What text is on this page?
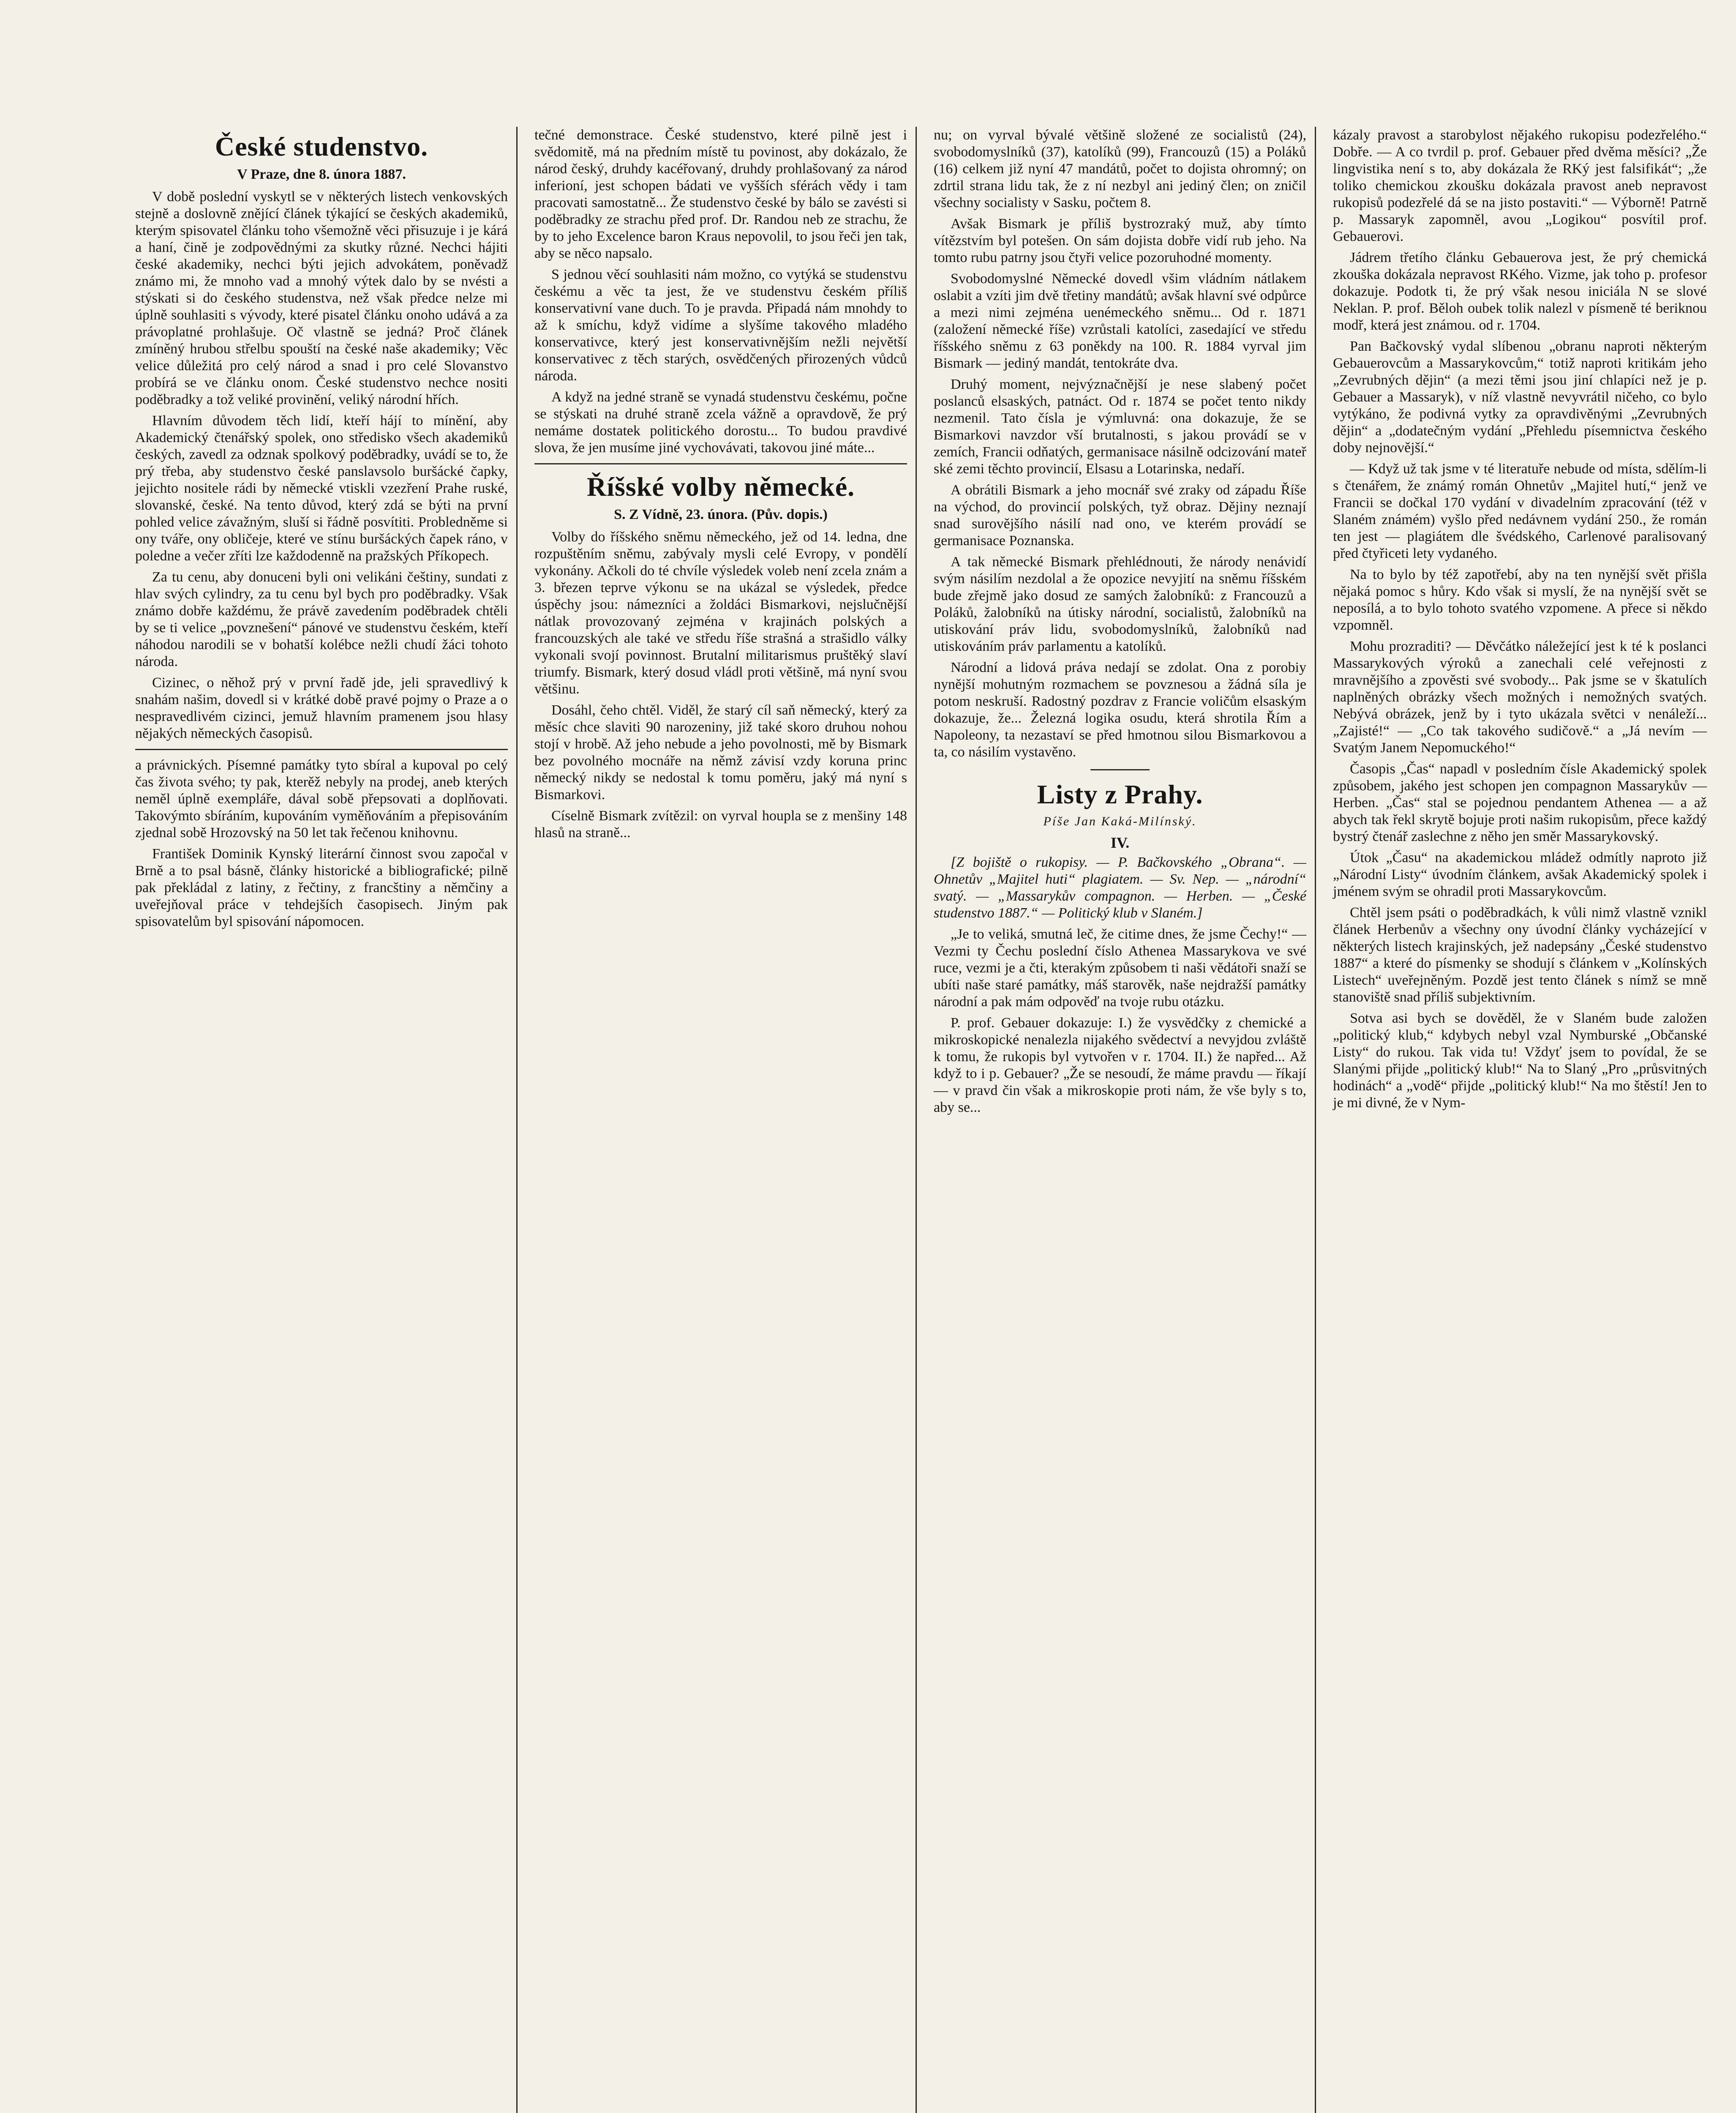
České studenstvo.
V Praze, dne 8. února 1887.

V době poslední vyskytl se v některých listech venkovských stejně a doslovně znějící článek týkající se českých akademiků, kterým spisovatel článku toho všemožně věci přisuzuje i je kárá a haní, čině je zodpovědnými za skutky různé. Nechci hájiti české akademiky, nechci býti jejich advokátem, poněvadž známo mi, že mnoho vad a mnohý výtek dalo by se nvésti a stýskati si do českého studenstva, než však předce nelze mi úplně souhlasiti s vývody, které pisatel článku onoho udává a za právoplatné prohlašuje. Oč vlastně se jedná? Proč článek zmíněný hrubou střelbu spouští na české naše akademiky; Věc velice důležitá pro celý národ a snad i pro celé Slovanstvo probírá se ve článku onom. České studenstvo nechce nositi poděbradky a tož veliké provinění, veliký národní hřích.

Hlavním důvodem těch lidí, kteří hájí to mínění, aby Akademický čtenářský spolek, ono středisko všech akademiků českých, zavedl za odznak spolkový poděbradky, uvádí se to, že prý třeba, aby studenstvo české panslavsolo buršácké čapky, jejichto nositele rádi by německé vtiskli vzezření Prahe ruské, slovanské, české. Na tento důvod, který zdá se býti na první pohled velice závažným, sluší si řádně posvítiti. Probledněme si ony tváře, ony obličeje, které ve stínu buršáckých čapek ráno, v poledne a večer zříti lze každodenně na pražských Příkopech.

Za tu cenu, aby donuceni byli oni velikáni češtiny, sundati z hlav svých cylindry, za tu cenu byl bych pro poděbradky. Však známo dobře každému, že právě zavedením poděbradek chtěli by se ti velice „povznešení“ pánové ve studenstvu českém, kteří náhodou narodili se v bohatší kolébce nežli chudí žáci tohoto národa.

Cizinec, o něhož prý v první řadě jde, jeli spravedlivý k snahám našim, dovedl si v krátké době pravé pojmy o Praze a o nespravedlivém cizinci, jemuž hlavním pramenem jsou hlasy nějakých německých časopisů.

a právnických. Písemné památky tyto sbíral a kupoval po celý čas života svého; ty pak, kterěž nebyly na prodej, aneb kterých neměl úplně exempláře, dával sobě přepsovati a doplňovati. Takovýmto sbíráním, kupováním vyměňováním a přepisováním zjednal sobě Hrozovský na 50 let tak řečenou knihovnu.

František Dominik Kynský literární činnost svou započal v Brně a to psal básně, články historické a bibliografické; pilně pak překládal z latiny, z řečtiny, z francštiny a němčiny a uveřejňoval práce v tehdejších časopisech. Jiným pak spisovatelům byl spisování nápomocen.

tečné demonstrace. České studenstvo, které pilně jest i svědomitě, má na předním místě tu povinost, aby dokázalo, že národ český, druhdy kacéřovaný, druhdy prohlašovaný za národ inferioní, jest schopen bádati ve vyšších sférách vědy i tam pracovati samostatně... Že studenstvo české by bálo se zavésti si poděbradky ze strachu před prof. Dr. Randou neb ze strachu, že by to jeho Excelence baron Kraus nepovolil, to jsou řeči jen tak, aby se něco napsalo.

S jednou věcí souhlasiti nám možno, co vytýká se studenstvu českému a věc ta jest, že ve studenstvu českém příliš konservativní vane duch. To je pravda. Připadá nám mnohdy to až k smíchu, když vidíme a slyšíme takového mladého konservativce, který jest konservativnějším nežli největší konservativec z těch starých, osvědčených přirozených vůdců národa.

A když na jedné straně se vynadá studenstvu českému, počne se stýskati na druhé straně zcela vážně a opravdově, že prý nemáme dostatek politického dorostu... To budou pravdivé slova, že jen musíme jiné vychovávati, takovou jiné máte...

Říšské volby německé.
S. Z Vídně, 23. února. (Pův. dopis.)

Volby do říšského sněmu německého, jež od 14. ledna, dne rozpuštěním sněmu, zabývaly mysli celé Evropy, v pondělí vykonány. Ačkoli do té chvíle výsledek voleb není zcela znám a 3. březen teprve výkonu se na ukázal se výsledek, předce úspěchy jsou: námezníci a žoldáci Bismarkovi, nejslučnější nátlak provozovaný zejména v krajinách polských a francouzských ale také ve středu říše strašná a strašidlo války vykonali svojí povinnost. Brutalní militarismus pruštěký slaví triumfy. Bismark, který dosud vládl proti většině, má nyní svou většinu.

Dosáhl, čeho chtěl. Viděl, že starý cíl saň německý, který za měsíc chce slaviti 90 narozeniny, již také skoro druhou nohou stojí v hrobě. Až jeho nebude a jeho povolnosti, mě by Bismark bez povolného mocnáře na němž závisí vzdy koruna princ německý nikdy se nedostal k tomu poměru, jaký má nyní s Bismarkovi.

Císelně Bismark zvítězil: on vyrval houpla se z menšiny 148 hlasů na straně...

nu; on vyrval bývalé většině složené ze socialistů (24), svobodomyslníků (37), katolíků (99), Francouzů (15) a Poláků (16) celkem již nyní 47 mandátů, počet to dojista ohromný; on zdrtil strana lidu tak, že z ní nezbyl ani jediný člen; on zničil všechny socialisty v Sasku, počtem 8.

Avšak Bismark je příliš bystrozraký muž, aby tímto vítězstvím byl potešen. On sám dojista dobře vidí rub jeho. Na tomto rubu patrny jsou čtyři velice pozoruhodné momenty.

Svobodomyslné Německé dovedl všim vládním nátlakem oslabit a vzíti jim dvě třetiny mandátů; avšak hlavní své odpůrce a mezi nimi zejména uenémeckého sněmu... Od r. 1871 (založení německé říše) vzrůstali katolíci, zasedající ve středu říšského sněmu z 63 poněkdy na 100. R. 1884 vyrval jim Bismark — jediný mandát, tentokráte dva.

Druhý moment, nejvýznačnější je nese slabený počet poslanců elsaských, patnáct. Od r. 1874 se počet tento nikdy nezmenil. Tato čísla je výmluvná: ona dokazuje, že se Bismarkovi navzdor vší brutalnosti, s jakou provádí se v zemích, Francii odňatých, germanisace násilně odcizování mateř ské zemi těchto provincií, Elsasu a Lotarinska, nedaří.

A obrátili Bismark a jeho mocnář své zraky od západu Říše na východ, do provincií polských, tyž obraz. Dějiny neznají snad surovějšího násilí nad ono, ve kterém provádí se germanisace Poznanska.

A tak německé Bismark přehlédnouti, že národy nenávidí svým násilím nezdolal a že opozice nevyjití na sněmu říšském bude zřejmě jako dosud ze samých žalobníků: z Francouzů a Poláků, žalobníků na útisky národní, socialistů, žalobníků na utiskování práv lidu, svobodomyslníků, žalobníků nad utiskováním práv parlamentu a katolíků.

Národní a lidová práva nedají se zdolat. Ona z porobiy nynější mohutným rozmachem se povznesou a žádná síla je potom neskruší. Radostný pozdrav z Francie voličům elsaským dokazuje, že... Železná logika osudu, která shrotila Řím a Napoleony, ta nezastaví se před hmotnou silou Bismarkovou a ta, co násilím vystavěno.

Listy z Prahy.
Píše Jan Kaká-Milínský.
IV.

[Z bojiště o rukopisy. — P. Bačkovského „Obrana“. — Ohnetův „Majitel huti“ plagiatem. — Sv. Nep. — „národní“ svatý. — „Massarykův compagnon. — Herben. — „České studenstvo 1887.“ — Politický klub v Slaném.]

„Je to veliká, smutná leč, že citime dnes, že jsme Čechy!“ — Vezmi ty Čechu poslední číslo Athenea Massarykova ve své ruce, vezmi je a čti, kterakým způsobem ti naši vědátoři snaží se ubíti naše staré památky, máš starověk, naše nejdražší památky národní a pak mám odpověď na tvoje rubu otázku.

P. prof. Gebauer dokazuje: I.) že vysvědčky z chemické a mikroskopické nenalezla nijakého svědectví a nevyjdou zvláště k tomu, že rukopis byl vytvořen v r. 1704. II.) že napřed... Až když to i p. Gebauer? „Že se nesoudí, že máme pravdu — říkají — v pravd čin však a mikroskopie proti nám, že vše byly s to, aby se...

kázaly pravost a starobylost nějakého rukopisu podezřelého.“ Dobře. — A co tvrdil p. prof. Gebauer před dvěma měsíci? „Že lingvistika není s to, aby dokázala že RKý jest falsifikát“; „že toliko chemickou zkoušku dokázala pravost aneb nepravost rukopisů podezřelé dá se na jisto postaviti.“ — Výborně! Patrně p. Massaryk zapomněl, avou „Logikou“ posvítil prof. Gebauerovi.

Jádrem třetího článku Gebauerova jest, že prý chemická zkouška dokázala nepravost RKého. Vizme, jak toho p. profesor dokazuje. Podotk ti, že prý však nesou iniciála N se slové Neklan. P. prof. Běloh oubek tolik nalezl v písmeně té beriknou modř, která jest známou. od r. 1704.

Pan Bačkovský vydal slíbenou „obranu naproti některým Gebauerovcům a Massarykovcům,“ totiž naproti kritikám jeho „Zevrubných dějin“ (a mezi těmi jsou jiní chlapíci než je p. Gebauer a Massaryk), v níž vlastně nevyvrátil ničeho, co bylo vytýkáno, že podivná vytky za opravdivěnými „Zevrubných dějin“ a „dodatečným vydání „Přehledu písemnictva českého doby nejnovější.“

— Když už tak jsme v té literatuře nebude od místa, sdělím-li s čtenářem, že známý román Ohnetův „Majitel hutí,“ jenž ve Francii se dočkal 170 vydání v divadelním zpracování (též v Slaném známém) vyšlo před nedávnem vydání 250., že román ten jest — plagiátem dle švédského, Carlenové paralisovaný před čtyřiceti lety vydaného.

Na to bylo by též zapotřebí, aby na ten nynější svět přišla nějaká pomoc s hůry. Kdo však si myslí, že na nynější svět se neposílá, a to bylo tohoto svatého vzpomene. A přece si někdo vzpomněl.

Mohu prozraditi? — Děvčátko náležející jest k té k poslanci Massarykových výroků a zanechali celé veřejnosti z mravnějšího a zpověsti své svobody... Pak jsme se v škatulích naplněných obrázky všech možných i nemožných svatých. Nebývá obrázek, jenž by i tyto ukázala světci v nenáleží... „Zajisté!“ — „Co tak takového sudičově.“ a „Já nevím — Svatým Janem Nepomuckého!“

Časopis „Čas“ napadl v posledním čísle Akademický spolek způsobem, jakého jest schopen jen compagnon Massarykův — Herben. „Čas“ stal se pojednou pendantem Athenea — a až abych tak řekl skrytě bojuje proti našim rukopisům, přece každý bystrý čtenář zaslechne z něho jen směr Massarykovský.

Útok „Času“ na akademickou mládež odmítly naproto již „Národní Listy“ úvodním článkem, avšak Akademický spolek i jménem svým se ohradil proti Massarykovcům.

Chtěl jsem psáti o poděbradkách, k vůli nimž vlastně vznikl článek Herbenův a všechny ony úvodní články vycházející v některých listech krajinských, jež nadepsány „České studenstvo 1887“ a které do písmenky se shodují s článkem v „Kolínských Listech“ uveřejněným. Pozdě jest tento článek s nímž se mně stanoviště snad příliš subjektivním.

Sotva asi bych se dověděl, že v Slaném bude založen „politický klub,“ kdybych nebyl vzal Nymburské „Občanské Listy“ do rukou. Tak vida tu! Vždyť jsem to povídal, že se Slanými přijde „politický klub!“ Na to Slaný „Pro „průsvitných hodinách“ a „vodě“ přijde „politický klub!“ Na mo štěstí! Jen to je mi divné, že v Nym-
